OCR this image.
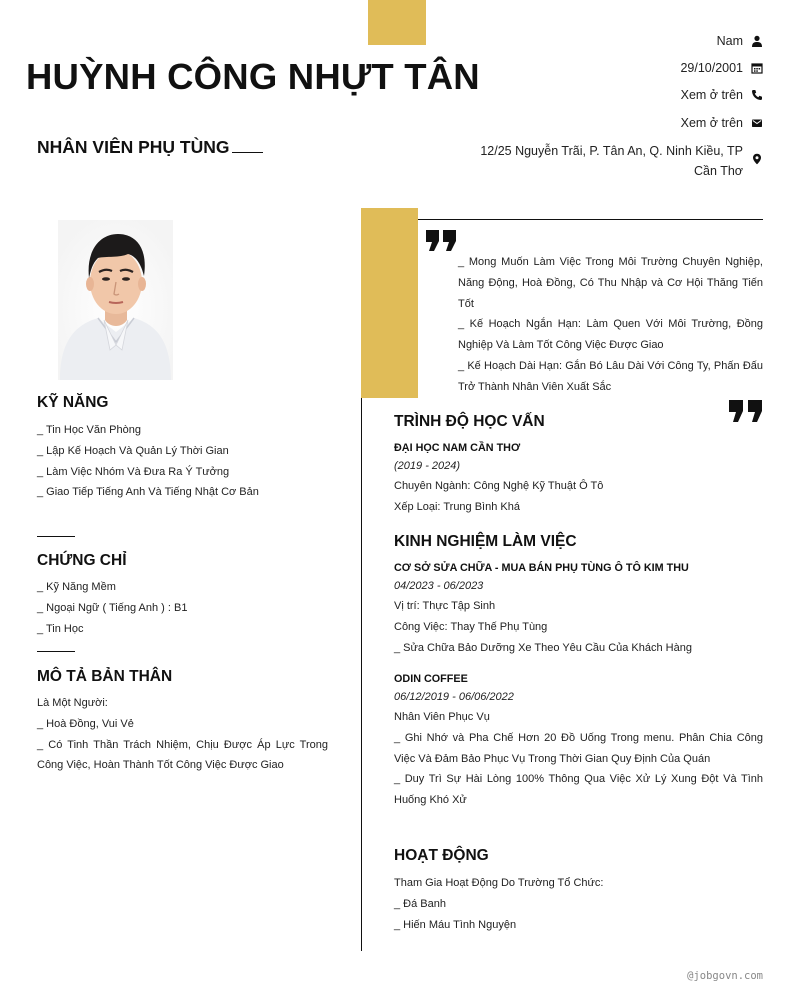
HUỲNH CÔNG NHỰT TÂN
NHÂN VIÊN PHỤ TÙNG
Nam
29/10/2001
Xem ở trên
Xem ở trên
12/25 Nguyễn Trãi, P. Tân An, Q. Ninh Kiều, TP Cần Thơ

_ Mong Muốn Làm Việc Trong Môi Trường Chuyên Nghiệp, Năng Động, Hoà Đồng, Có Thu Nhập và Cơ Hội Thăng Tiến Tốt

_ Kế Hoạch Ngắn Hạn: Làm Quen Với Môi Trường, Đồng Nghiệp Và Làm Tốt Công Việc Được Giao

_ Kế Hoạch Dài Hạn: Gắn Bó Lâu Dài Với Công Ty, Phấn Đấu Trở Thành Nhân Viên Xuất Sắc

KỸ NĂNG

_ Tin Học Văn Phòng

_ Lập Kế Hoạch Và Quản Lý Thời Gian

_ Làm Việc Nhóm Và Đưa Ra Ý Tưởng

_ Giao Tiếp Tiếng Anh Và Tiếng Nhật Cơ Bản

CHỨNG CHỈ

_ Kỹ Năng Mềm

_ Ngoại Ngữ ( Tiếng Anh ) : B1

_ Tin Học

MÔ TẢ BẢN THÂN

Là Một Người:

_ Hoà Đồng, Vui Vẻ

_ Có Tinh Thần Trách Nhiệm, Chịu Được Áp Lực Trong Công Việc, Hoàn Thành Tốt Công Việc Được Giao

TRÌNH ĐỘ HỌC VẤN
ĐẠI HỌC NAM CẦN THƠ
(2019 - 2024)
Chuyên Ngành: Công Nghệ Kỹ Thuật Ô Tô
Xếp Loại: Trung Bình Khá
KINH NGHIỆM LÀM VIỆC
CƠ SỞ SỬA CHỮA - MUA BÁN PHỤ TÙNG Ô TÔ KIM THU
04/2023 - 06/2023

Vị trí: Thực Tập Sinh

Công Việc: Thay Thế Phụ Tùng

_ Sửa Chữa Bảo Dưỡng Xe Theo Yêu Cầu Của Khách Hàng

ODIN COFFEE
06/12/2019 - 06/06/2022

Nhân Viên Phục Vụ

_ Ghi Nhớ và Pha Chế Hơn 20 Đồ Uống Trong menu. Phân Chia Công Việc Và Đảm Bảo Phục Vụ Trong Thời Gian Quy Định Của Quán

_ Duy Trì Sự Hài Lòng 100% Thông Qua Việc Xử Lý Xung Đột Và Tình Huống Khó Xử

HOẠT ĐỘNG

Tham Gia Hoạt Động Do Trường Tổ Chức:

_ Đá Banh

_ Hiến Máu Tình Nguyện

@jobgovn.com
